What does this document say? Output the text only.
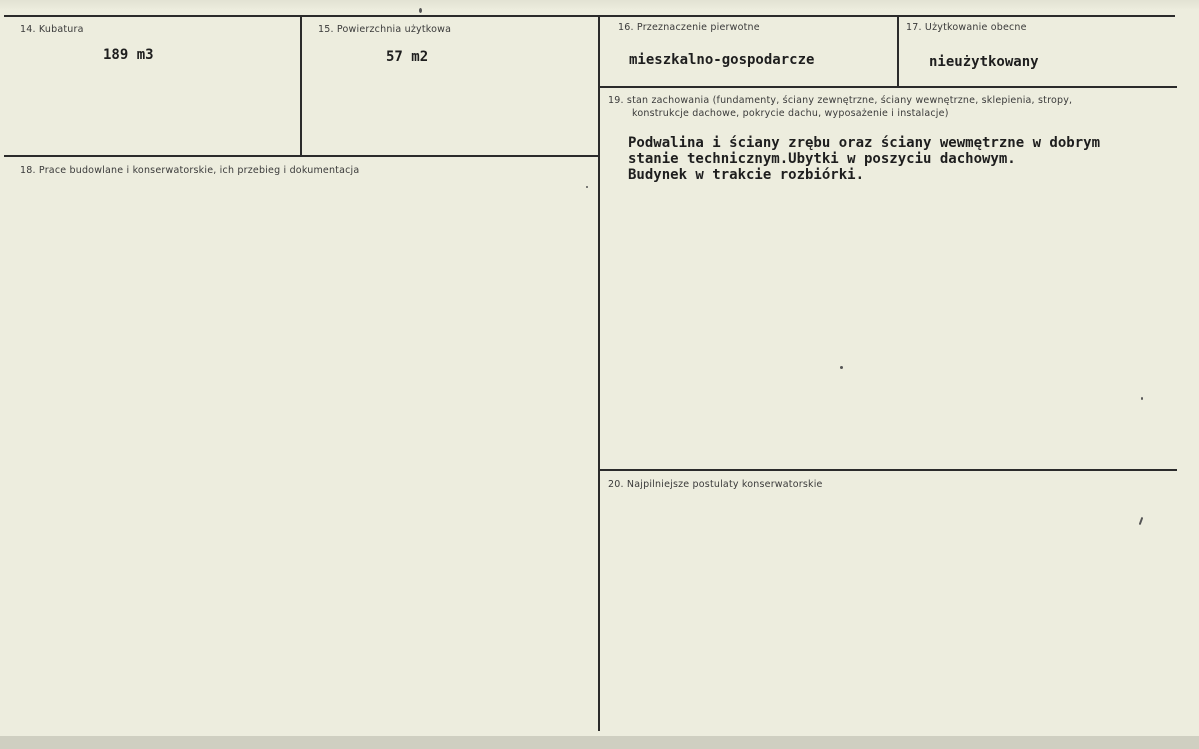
14. Kubatura
189 m3
15. Powierzchnia użytkowa
57 m2
16. Przeznaczenie pierwotne
mieszkalno-gospodarcze
17. Użytkowanie obecne
nieużytkowany
18. Prace budowlane i konserwatorskie, ich przebieg i dokumentacja
19. stan zachowania (fundamenty, ściany zewnętrzne, ściany wewnętrzne, sklepienia, stropy,
konstrukcje dachowe, pokrycie dachu, wyposażenie i instalacje)
Podwalina i ściany zrębu oraz ściany wewmętrzne w dobrym
stanie technicznym.Ubytki w poszyciu dachowym.
Budynek w trakcie rozbiórki.
20. Najpilniejsze postulaty konserwatorskie
